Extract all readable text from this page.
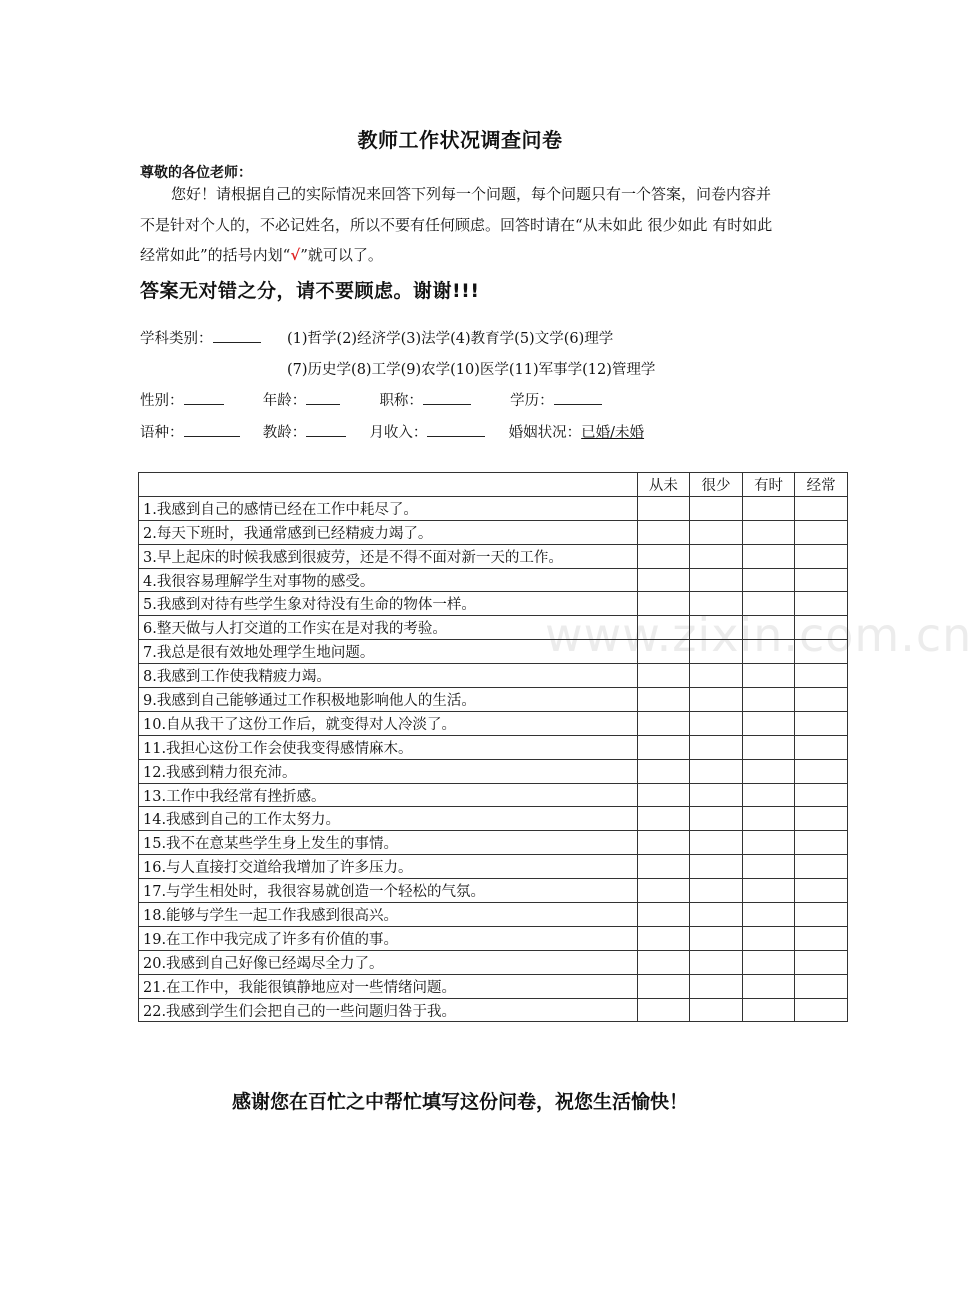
www.zixin.com.cn
教师工作状况调查问卷
尊敬的各位老师：
您好！请根据自己的实际情况来回答下列每一个问题，每个问题只有一个答案，问卷内容并不是针对个人的，不必记姓名，所以不要有任何顾虑。回答时请在“从未如此 很少如此 有时如此 经常如此”的括号内划“√”就可以了。
答案无对错之分，请不要顾虑。谢谢!!!
学科类别：	(1)哲学(2)经济学(3)法学(4)教育学(5)文学(6)理学
(7)历史学(8)工学(9)农学(10)医学(11)军事学(12)管理学
性别：	年龄：	职称：	学历：
语种：	教龄：	月收入：	婚姻状况：已婚/未婚
	从未	很少	有时	经常
1.我感到自己的感情已经在工作中耗尽了。				
2.每天下班时，我通常感到已经精疲力竭了。				
3.早上起床的时候我感到很疲劳，还是不得不面对新一天的工作。				
4.我很容易理解学生对事物的感受。				
5.我感到对待有些学生象对待没有生命的物体一样。				
6.整天做与人打交道的工作实在是对我的考验。				
7.我总是很有效地处理学生地问题。				
8.我感到工作使我精疲力竭。				
9.我感到自己能够通过工作积极地影响他人的生活。				
10.自从我干了这份工作后，就变得对人冷淡了。				
11.我担心这份工作会使我变得感情麻木。				
12.我感到精力很充沛。				
13.工作中我经常有挫折感。				
14.我感到自己的工作太努力。				
15.我不在意某些学生身上发生的事情。				
16.与人直接打交道给我增加了许多压力。				
17.与学生相处时，我很容易就创造一个轻松的气氛。				
18.能够与学生一起工作我感到很高兴。				
19.在工作中我完成了许多有价值的事。				
20.我感到自己好像已经竭尽全力了。				
21.在工作中，我能很镇静地应对一些情绪问题。				
22.我感到学生们会把自己的一些问题归咎于我。				
感谢您在百忙之中帮忙填写这份问卷，祝您生活愉快！
